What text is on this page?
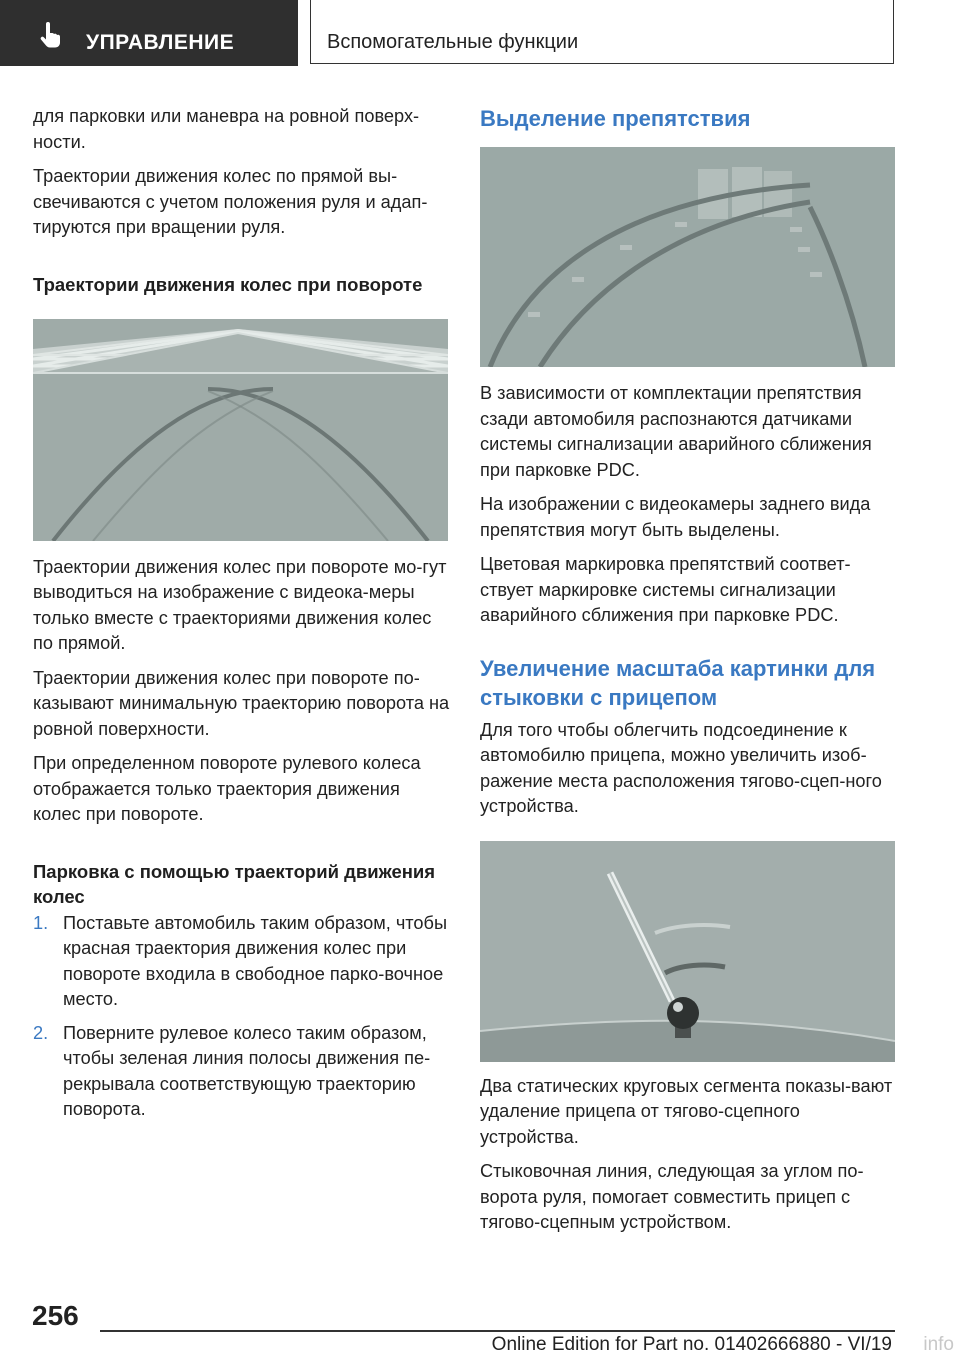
УПРАВЛЕНИЕ	Вспомогательные функции

для парковки или маневра на ровной поверх-ности.

Траектории движения колес по прямой вы-свечиваются с учетом положения руля и адап-тируются при вращении руля.

Траектории движения колес при повороте

Траектории движения колес при повороте мо-гут выводиться на изображение с видеока-меры только вместе с траекториями движения колес по прямой.

Траектории движения колес при повороте по-казывают минимальную траекторию поворота на ровной поверхности.

При определенном повороте рулевого колеса отображается только траектория движения колес при повороте.

Парковка с помощью траекторий движения колес
1. Поставьте автомобиль таким образом, чтобы красная траектория движения колес при повороте входила в свободное парко-вочное место.
2. Поверните рулевое колесо таким образом, чтобы зеленая линия полосы движения пе-рекрывала соответствующую траекторию поворота.
Выделение препятствия

В зависимости от комплектации препятствия сзади автомобиля распознаются датчиками системы сигнализации аварийного сближения при парковке PDC.

На изображении с видеокамеры заднего вида препятствия могут быть выделены.

Цветовая маркировка препятствий соответ-ствует маркировке системы сигнализации аварийного сближения при парковке PDC.

Увеличение масштаба картинки для стыковки с прицепом

Для того чтобы облегчить подсоединение к автомобилю прицепа, можно увеличить изоб-ражение места расположения тягово-сцеп-ного устройства.

Два статических круговых сегмента показы-вают удаление прицепа от тягово-сцепного устройства.

Стыковочная линия, следующая за углом по-ворота руля, помогает совместить прицеп с тягово-сцепным устройством.

256
Online Edition for Part no. 01402666880 - VI/19 info
